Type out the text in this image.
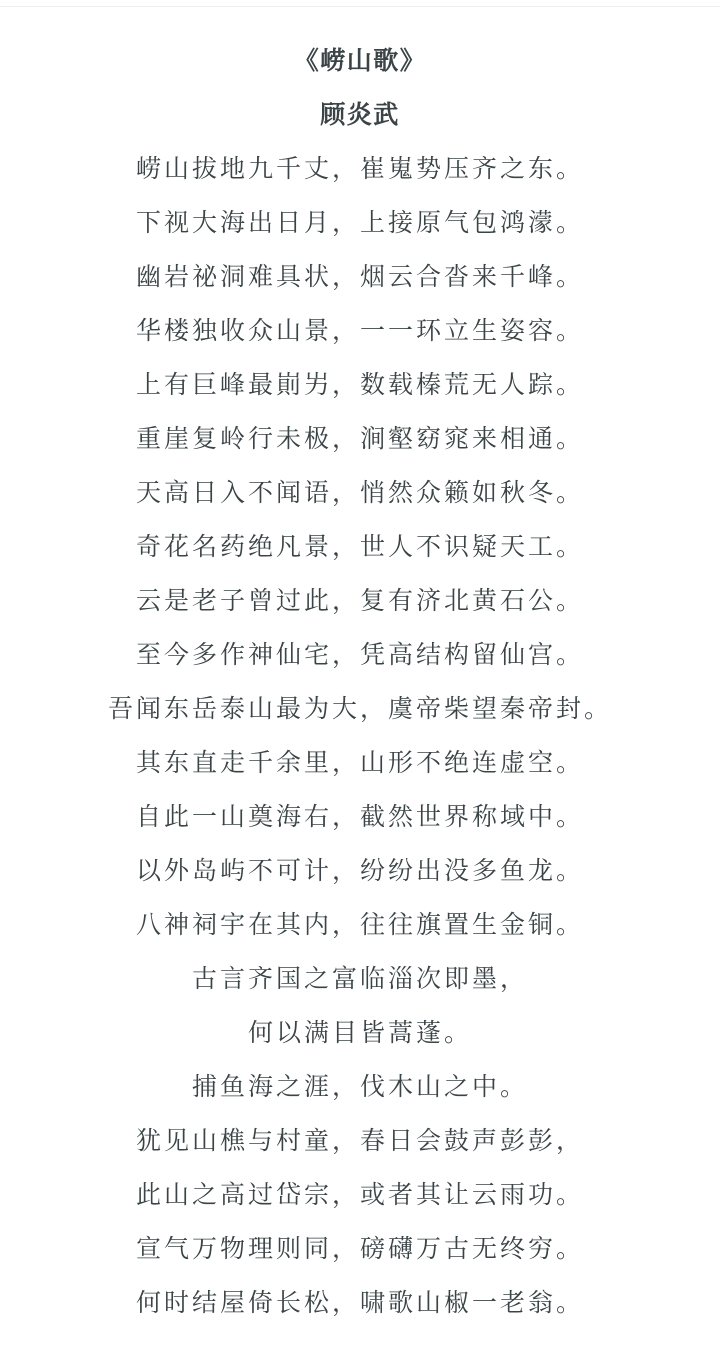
《崂山歌》
顾炎武
崂山拔地九千丈，崔嵬势压齐之东。
下视大海出日月，上接原气包鸿濛。
幽岩祕洞难具状，烟云合沓来千峰。
华楼独收众山景，一一环立生姿容。
上有巨峰最崱屴，数载榛荒无人踪。
重崖复岭行未极，涧壑窈窕来相通。
天高日入不闻语，悄然众籁如秋冬。
奇花名药绝凡景，世人不识疑天工。
云是老子曾过此，复有济北黄石公。
至今多作神仙宅，凭高结构留仙宫。
吾闻东岳泰山最为大，虞帝柴望秦帝封。
其东直走千余里，山形不绝连虚空。
自此一山奠海右，截然世界称域中。
以外岛屿不可计，纷纷出没多鱼龙。
八神祠宇在其内，往往旗置生金铜。
古言齐国之富临淄次即墨，
何以满目皆蒿蓬。
捕鱼海之涯，伐木山之中。
犹见山樵与村童，春日会鼓声彭彭，
此山之高过岱宗，或者其让云雨功。
宣气万物理则同，磅礴万古无终穷。
何时结屋倚长松，啸歌山椒一老翁。
